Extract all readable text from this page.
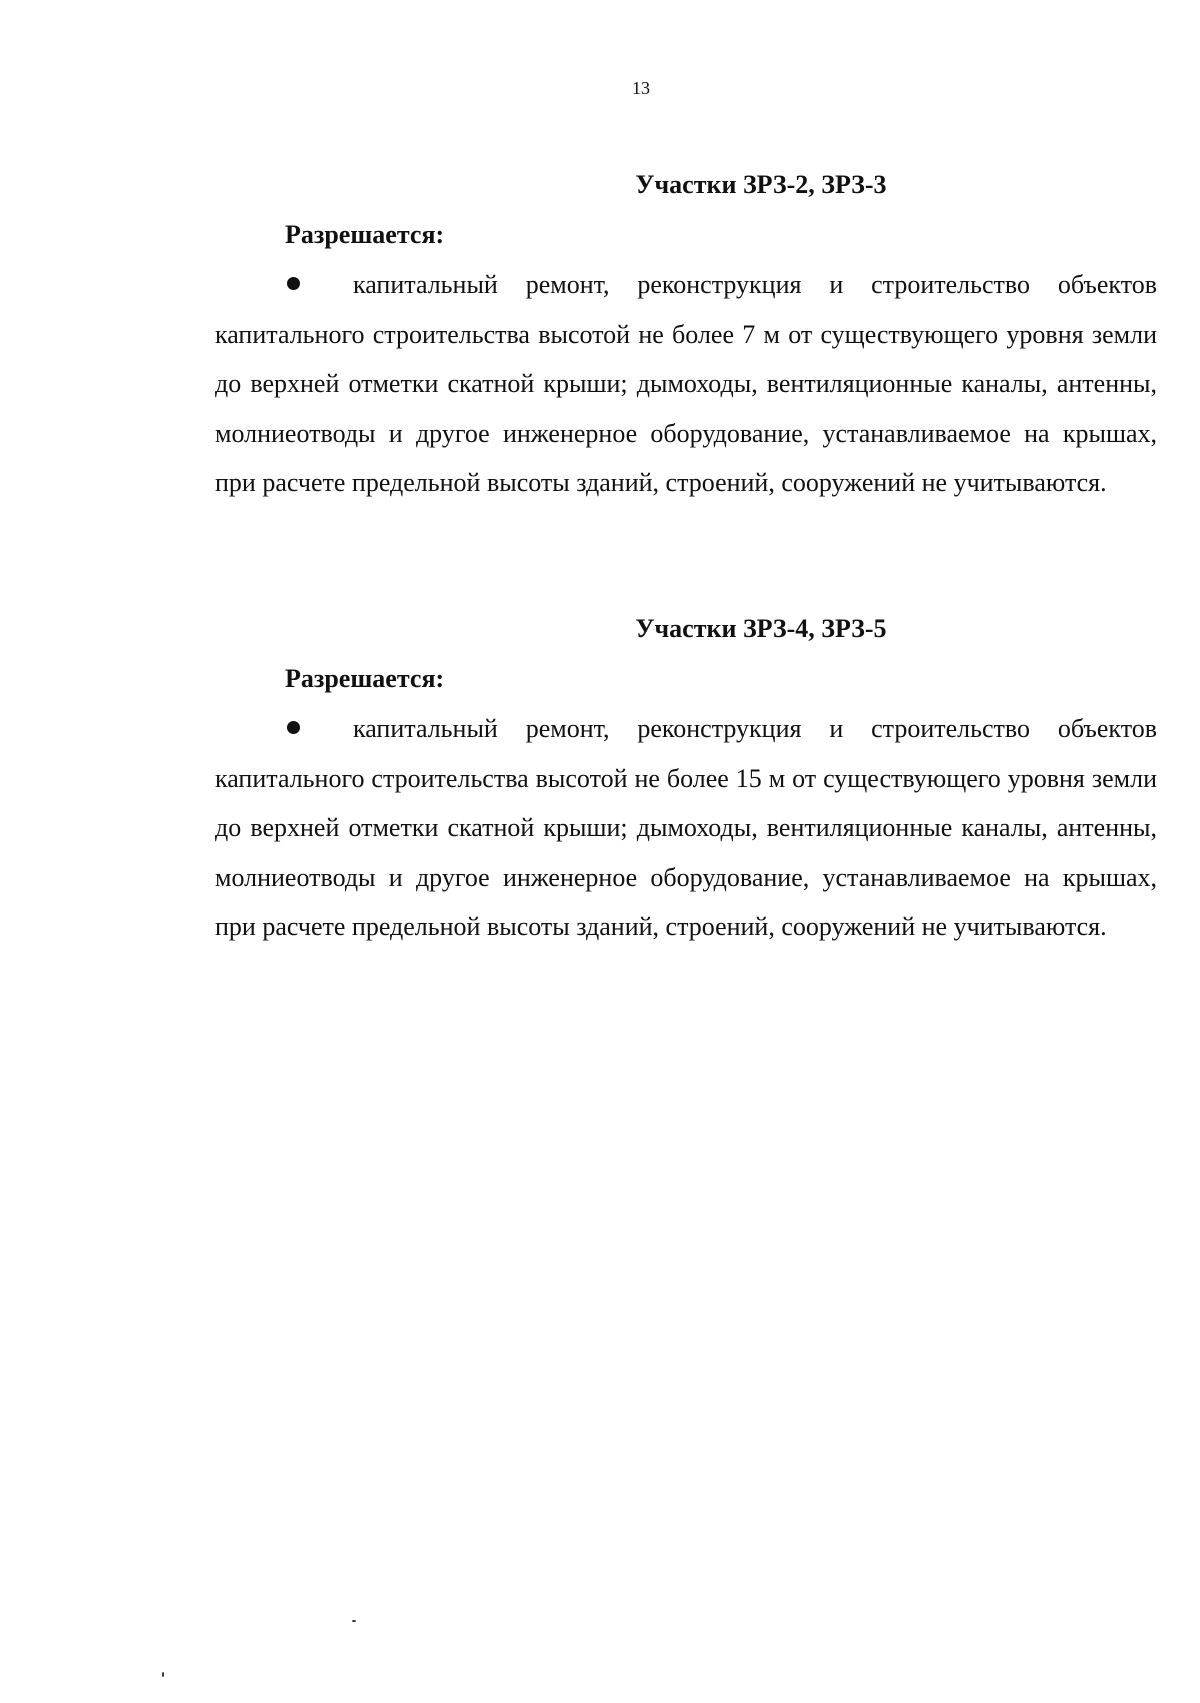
13

Участки ЗРЗ-2, ЗРЗ-3

Разрешается:

капитальный ремонт, реконструкция и строительство объектов капитального строительства высотой не более 7 м от существующего уровня земли до верхней отметки скатной крыши; дымоходы, вентиляционные каналы, антенны, молниеотводы и другое инженерное оборудование, устанавливаемое на крышах, при расчете предельной высоты зданий, строений, сооружений не учитываются.

Участки ЗРЗ-4, ЗРЗ-5

Разрешается:

капитальный ремонт, реконструкция и строительство объектов капитального строительства высотой не более 15 м от существующего уровня земли до верхней отметки скатной крыши; дымоходы, вентиляционные каналы, антенны, молниеотводы и другое инженерное оборудование, устанавливаемое на крышах, при расчете предельной высоты зданий, строений, сооружений не учитываются.
